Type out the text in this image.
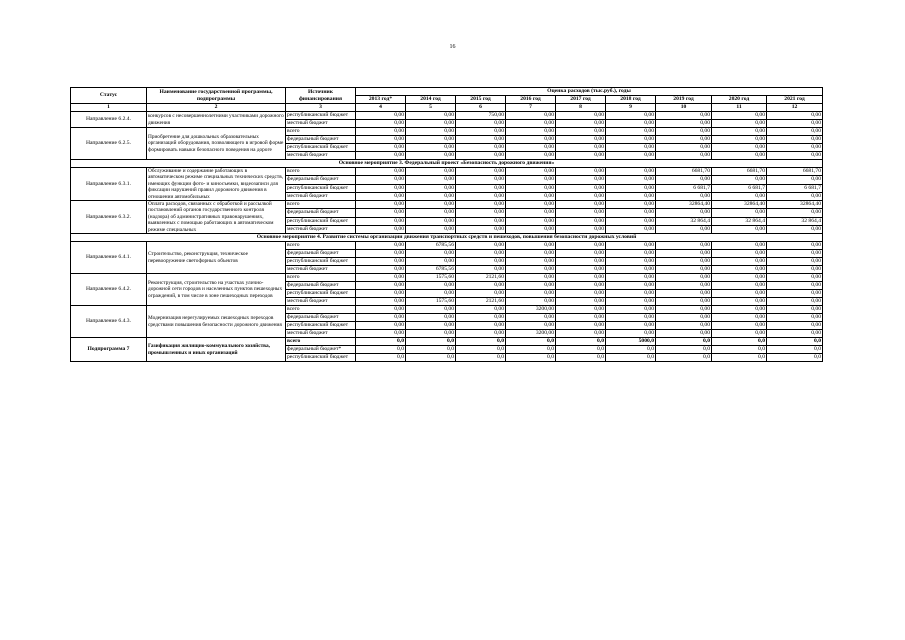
16
Статус	Наименование государственной программы, подпрограммы	Источник финансирования	Оценка расходов (тыс.руб.), годы								
			2013 год*	2014 год	2015 год	2016 год	2017 год	2018 год	2019 год	2020 год	2021 год
1	2	3	4	5	6	7	8	9	10	11	12
Направление 6.2.4.	конкурсов с несовершеннолетними участниками дорожного движения	республиканский бюджет	0,00	0,00	750,00	0,00	0,00	0,00	0,00	0,00	0,00
		местный бюджет	0,00	0,00	0,00	0,00	0,00	0,00	0,00	0,00	0,00
Направление 6.2.5.	Приобретение для дошкольных образовательных организаций оборудования, позволяющего в игровой форме формировать навыки безопасного поведения на дороге	всего	0,00	0,00	0,00	0,00	0,00	0,00	0,00	0,00	0,00
		федеральный бюджет	0,00	0,00	0,00	0,00	0,00	0,00	0,00	0,00	0,00
		республиканский бюджет	0,00	0,00	0,00	0,00	0,00	0,00	0,00	0,00	0,00
		местный бюджет	0,00	0,00	0,00	0,00	0,00	0,00	0,00	0,00	0,00
Основное мероприятие 3. Федеральный проект «Безопасность дорожного движения»											
Направление 6.3.1.	Обслуживание и содержание работающих в автоматическом режиме специальных технических средств, имеющих функции фото- и киносъемки, видеозаписи для фиксации нарушений правил дорожного движения в отношении автомобильных	всего	0,00	0,00	0,00	0,00	0,00	0,00	6681,70	6681,70	6681,70
		федеральный бюджет	0,00	0,00	0,00	0,00	0,00	0,00	0,00	0,00	0,00
		республиканский бюджет	0,00	0,00	0,00	0,00	0,00	0,00	6 681,7	6 681,7	6 681,7
		местный бюджет	0,00	0,00	0,00	0,00	0,00	0,00	0,00	0,00	0,00
Направление 6.3.2.	Оплата расходов, связанных с обработкой и рассылкой постановлений органов государственного контроля (надзора) об административных правонарушениях, выявленных с помощью работающих в автоматическом режиме специальных	всего	0,00	0,00	0,00	0,00	0,00	0,00	32864,40	32864,40	32864,40
		федеральный бюджет	0,00	0,00	0,00	0,00	0,00	0,00	0,00	0,00	0,00
		республиканский бюджет	0,00	0,00	0,00	0,00	0,00	0,00	32 864,4	32 864,4	32 864,4
		местный бюджет	0,00	0,00	0,00	0,00	0,00	0,00	0,00	0,00	0,00
Основное мероприятие 4. Развитие системы организации движения транспортных средств и пешеходов, повышения безопасности дорожных условий											
Направление 6.4.1.	Строительство, реконструкция, техническое перевооружение светофорных объектов	всего	0,00	6785,56	0,00	0,00	0,00	0,00	0,00	0,00	0,00
		федеральный бюджет	0,00	0,00	0,00	0,00	0,00	0,00	0,00	0,00	0,00
		республиканский бюджет	0,00	0,00	0,00	0,00	0,00	0,00	0,00	0,00	0,00
		местный бюджет	0,00	6785,56	0,00	0,00	0,00	0,00	0,00	0,00	0,00
Направление 6.4.2.	Реконструкция, строительство на участках улично-дорожной сети городов и населенных пунктов пешеходных ограждений, в том числе в зоне пешеходных переходов	всего	0,00	1575,60	2121,60	0,00	0,00	0,00	0,00	0,00	0,00
		федеральный бюджет	0,00	0,00	0,00	0,00	0,00	0,00	0,00	0,00	0,00
		республиканский бюджет	0,00	0,00	0,00	0,00	0,00	0,00	0,00	0,00	0,00
		местный бюджет	0,00	1575,60	2121,60	0,00	0,00	0,00	0,00	0,00	0,00
Направление 6.4.3.	Модернизация нерегулируемых пешеходных переходов средствами повышения безопасности дорожного движения	всего	0,00	0,00	0,00	3200,00	0,00	0,00	0,00	0,00	0,00
		федеральный бюджет	0,00	0,00	0,00	0,00	0,00	0,00	0,00	0,00	0,00
		республиканский бюджет	0,00	0,00	0,00	0,00	0,00	0,00	0,00	0,00	0,00
		местный бюджет	0,00	0,00	0,00	3200,00	0,00	0,00	0,00	0,00	0,00
Подпрограмма 7	Газификация жилищно-коммунального хозяйства, промышленных и иных организаций	всего	0,0	0,0	0,0	0,0	0,0	5000,0	0,0	0,0	0,0
		федеральный бюджет*	0,0	0,0	0,0	0,0	0,0	0,0	0,0	0,0	0,0
		республиканский бюджет	0,0	0,0	0,0	0,0	0,0	0,0	0,0	0,0	0,0
